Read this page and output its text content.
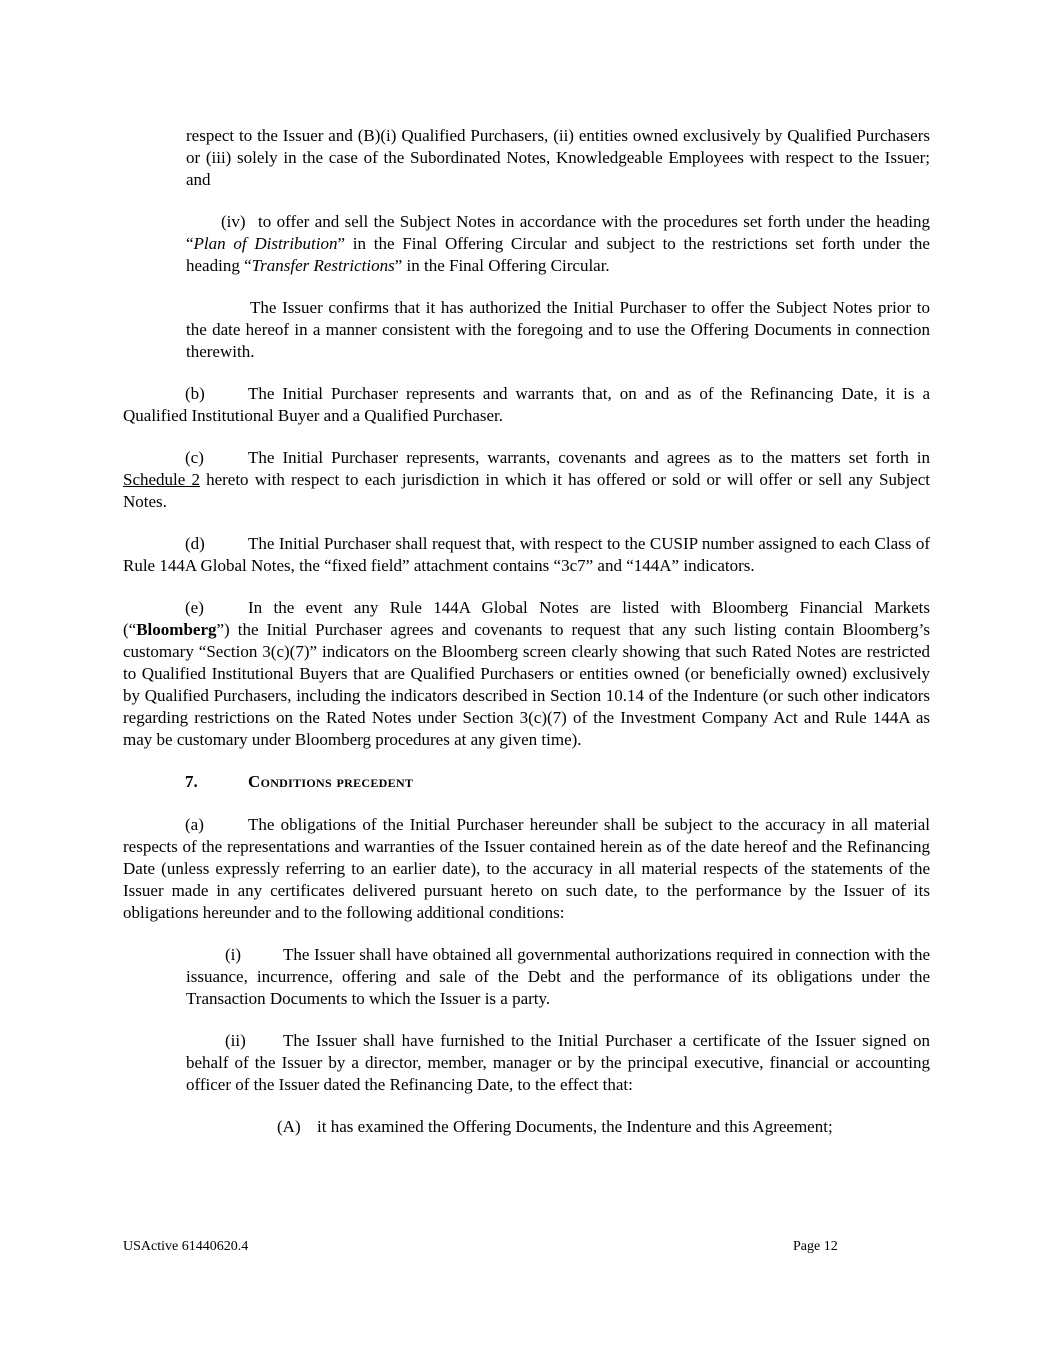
respect to the Issuer and (B)(i) Qualified Purchasers, (ii) entities owned exclusively by Qualified Purchasers or (iii) solely in the case of the Subordinated Notes, Knowledgeable Employees with respect to the Issuer; and

(iv) to offer and sell the Subject Notes in accordance with the procedures set forth under the heading “Plan of Distribution” in the Final Offering Circular and subject to the restrictions set forth under the heading “Transfer Restrictions” in the Final Offering Circular.

The Issuer confirms that it has authorized the Initial Purchaser to offer the Subject Notes prior to the date hereof in a manner consistent with the foregoing and to use the Offering Documents in connection therewith.

(b)	The Initial Purchaser represents and warrants that, on and as of the Refinancing Date, it is a Qualified Institutional Buyer and a Qualified Purchaser.

(c)	The Initial Purchaser represents, warrants, covenants and agrees as to the matters set forth in Schedule 2 hereto with respect to each jurisdiction in which it has offered or sold or will offer or sell any Subject Notes.

(d)	The Initial Purchaser shall request that, with respect to the CUSIP number assigned to each Class of Rule 144A Global Notes, the “fixed field” attachment contains “3c7” and “144A” indicators.

(e)	In the event any Rule 144A Global Notes are listed with Bloomberg Financial Markets (“Bloomberg”) the Initial Purchaser agrees and covenants to request that any such listing contain Bloomberg’s customary “Section 3(c)(7)” indicators on the Bloomberg screen clearly showing that such Rated Notes are restricted to Qualified Institutional Buyers that are Qualified Purchasers or entities owned (or beneficially owned) exclusively by Qualified Purchasers, including the indicators described in Section 10.14 of the Indenture (or such other indicators regarding restrictions on the Rated Notes under Section 3(c)(7) of the Investment Company Act and Rule 144A as may be customary under Bloomberg procedures at any given time).

7.	Conditions precedent

(a)	The obligations of the Initial Purchaser hereunder shall be subject to the accuracy in all material respects of the representations and warranties of the Issuer contained herein as of the date hereof and the Refinancing Date (unless expressly referring to an earlier date), to the accuracy in all material respects of the statements of the Issuer made in any certificates delivered pursuant hereto on such date, to the performance by the Issuer of its obligations hereunder and to the following additional conditions:

(i) The Issuer shall have obtained all governmental authorizations required in connection with the issuance, incurrence, offering and sale of the Debt and the performance of its obligations under the Transaction Documents to which the Issuer is a party.

(ii) The Issuer shall have furnished to the Initial Purchaser a certificate of the Issuer signed on behalf of the Issuer by a director, member, manager or by the principal executive, financial or accounting officer of the Issuer dated the Refinancing Date, to the effect that:

(A) it has examined the Offering Documents, the Indenture and this Agreement;

USActive 61440620.4	Page 12
